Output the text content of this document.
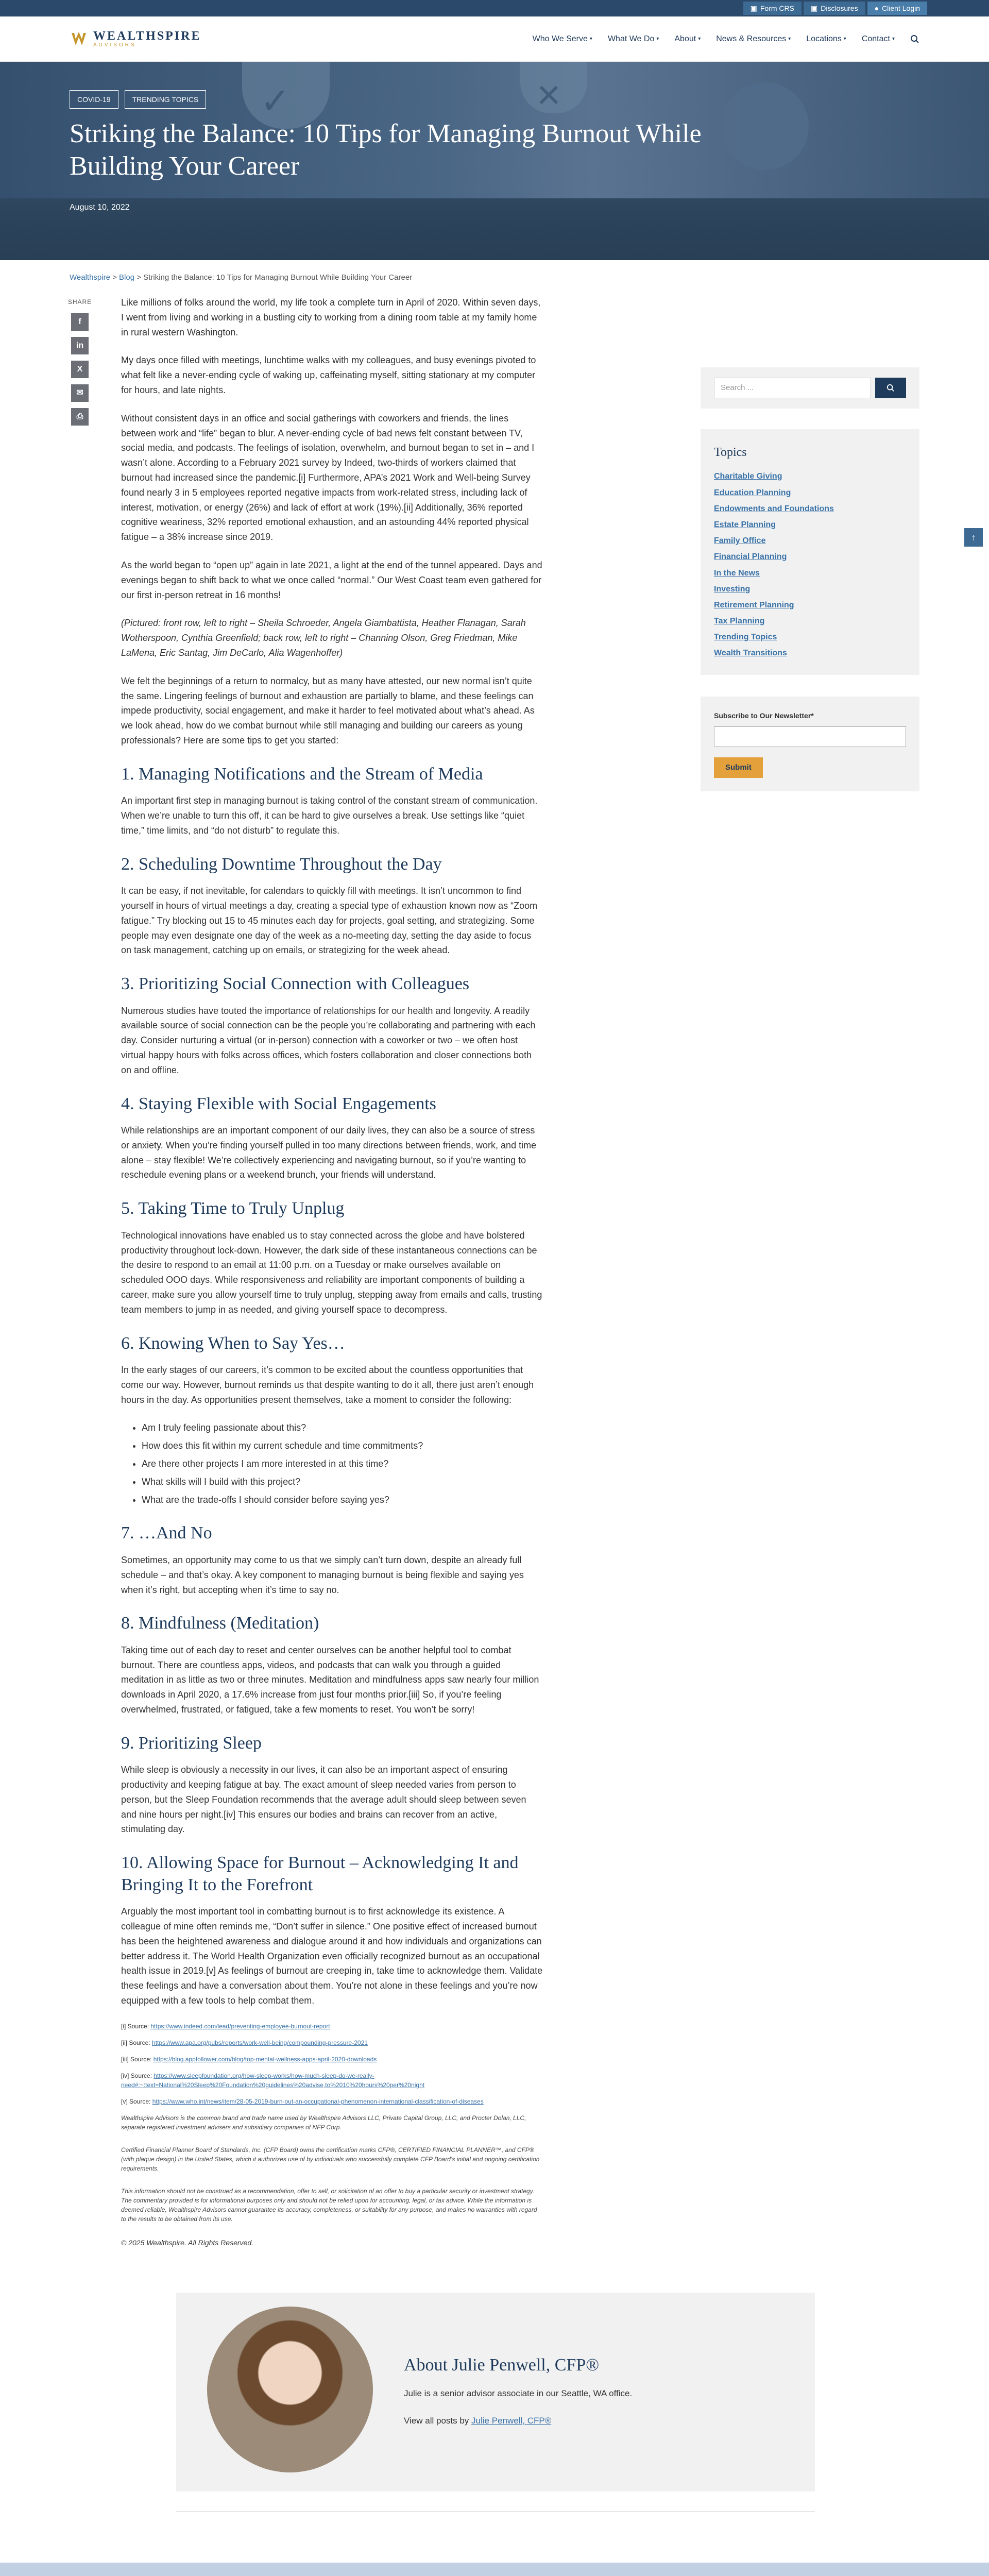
▣ Form CRS ▣ Disclosures ● Client Login
WEALTHSPIRE
ADVISORS
Who We Serve ▾ What We Do ▾ About ▾ News & Resources ▾ Locations ▾ Contact ▾
✓	×
COVID-19	TRENDING TOPICS
Striking the Balance: 10 Tips for Managing Burnout While Building Your Career
August 10, 2022
Wealthspire > Blog > Striking the Balance: 10 Tips for Managing Burnout While Building Your Career
SHARE
f
in
X
✉
⎙

Like millions of folks around the world, my life took a complete turn in April of 2020. Within seven days, I went from living and working in a bustling city to working from a dining room table at my family home in rural western Washington.

My days once filled with meetings, lunchtime walks with my colleagues, and busy evenings pivoted to what felt like a never-ending cycle of waking up, caffeinating myself, sitting stationary at my computer for hours, and late nights.

Without consistent days in an office and social gatherings with coworkers and friends, the lines between work and “life” began to blur. A never-ending cycle of bad news felt constant between TV, social media, and podcasts. The feelings of isolation, overwhelm, and burnout began to set in – and I wasn’t alone. According to a February 2021 survey by Indeed, two-thirds of workers claimed that burnout had increased since the pandemic.[i] Furthermore, APA’s 2021 Work and Well-being Survey found nearly 3 in 5 employees reported negative impacts from work-related stress, including lack of interest, motivation, or energy (26%) and lack of effort at work (19%).[ii] Additionally, 36% reported cognitive weariness, 32% reported emotional exhaustion, and an astounding 44% reported physical fatigue – a 38% increase since 2019.

As the world began to “open up” again in late 2021, a light at the end of the tunnel appeared. Days and evenings began to shift back to what we once called “normal.” Our West Coast team even gathered for our first in-person retreat in 16 months!

(Pictured: front row, left to right – Sheila Schroeder, Angela Giambattista, Heather Flanagan, Sarah Wotherspoon, Cynthia Greenfield; back row, left to right – Channing Olson, Greg Friedman, Mike LaMena, Eric Santag, Jim DeCarlo, Alia Wagenhoffer)

We felt the beginnings of a return to normalcy, but as many have attested, our new normal isn’t quite the same. Lingering feelings of burnout and exhaustion are partially to blame, and these feelings can impede productivity, social engagement, and make it harder to feel motivated about what’s ahead. As we look ahead, how do we combat burnout while still managing and building our careers as young professionals? Here are some tips to get you started:

1. Managing Notifications and the Stream of Media

An important first step in managing burnout is taking control of the constant stream of communication. When we’re unable to turn this off, it can be hard to give ourselves a break. Use settings like “quiet time,” time limits, and “do not disturb” to regulate this.

2. Scheduling Downtime Throughout the Day

It can be easy, if not inevitable, for calendars to quickly fill with meetings. It isn’t uncommon to find yourself in hours of virtual meetings a day, creating a special type of exhaustion known now as “Zoom fatigue.” Try blocking out 15 to 45 minutes each day for projects, goal setting, and strategizing. Some people may even designate one day of the week as a no-meeting day, setting the day aside to focus on task management, catching up on emails, or strategizing for the week ahead.

3. Prioritizing Social Connection with Colleagues

Numerous studies have touted the importance of relationships for our health and longevity. A readily available source of social connection can be the people you’re collaborating and partnering with each day. Consider nurturing a virtual (or in-person) connection with a coworker or two – we often host virtual happy hours with folks across offices, which fosters collaboration and closer connections both on and offline.

4. Staying Flexible with Social Engagements

While relationships are an important component of our daily lives, they can also be a source of stress or anxiety. When you’re finding yourself pulled in too many directions between friends, work, and time alone – stay flexible! We’re collectively experiencing and navigating burnout, so if you’re wanting to reschedule evening plans or a weekend brunch, your friends will understand.

5. Taking Time to Truly Unplug

Technological innovations have enabled us to stay connected across the globe and have bolstered productivity throughout lock-down. However, the dark side of these instantaneous connections can be the desire to respond to an email at 11:00 p.m. on a Tuesday or make ourselves available on scheduled OOO days. While responsiveness and reliability are important components of building a career, make sure you allow yourself time to truly unplug, stepping away from emails and calls, trusting team members to jump in as needed, and giving yourself space to decompress.

6. Knowing When to Say Yes…

In the early stages of our careers, it’s common to be excited about the countless opportunities that come our way. However, burnout reminds us that despite wanting to do it all, there just aren’t enough hours in the day. As opportunities present themselves, take a moment to consider the following:

• Am I truly feeling passionate about this?
• How does this fit within my current schedule and time commitments?
• Are there other projects I am more interested in at this time?
• What skills will I build with this project?
• What are the trade-offs I should consider before saying yes?
7. …And No

Sometimes, an opportunity may come to us that we simply can’t turn down, despite an already full schedule – and that’s okay. A key component to managing burnout is being flexible and saying yes when it’s right, but accepting when it’s time to say no.

8. Mindfulness (Meditation)

Taking time out of each day to reset and center ourselves can be another helpful tool to combat burnout. There are countless apps, videos, and podcasts that can walk you through a guided meditation in as little as two or three minutes. Meditation and mindfulness apps saw nearly four million downloads in April 2020, a 17.6% increase from just four months prior.[iii] So, if you’re feeling overwhelmed, frustrated, or fatigued, take a few moments to reset. You won’t be sorry!

9. Prioritizing Sleep

While sleep is obviously a necessity in our lives, it can also be an important aspect of ensuring productivity and keeping fatigue at bay. The exact amount of sleep needed varies from person to person, but the Sleep Foundation recommends that the average adult should sleep between seven and nine hours per night.[iv] This ensures our bodies and brains can recover from an active, stimulating day.

10. Allowing Space for Burnout – Acknowledging It and Bringing It to the Forefront

Arguably the most important tool in combatting burnout is to first acknowledge its existence. A colleague of mine often reminds me, “Don’t suffer in silence.” One positive effect of increased burnout has been the heightened awareness and dialogue around it and how individuals and organizations can better address it. The World Health Organization even officially recognized burnout as an occupational health issue in 2019.[v] As feelings of burnout are creeping in, take time to acknowledge them. Validate these feelings and have a conversation about them. You’re not alone in these feelings and you’re now equipped with a few tools to help combat them.

[i] Source: https://www.indeed.com/lead/preventing-employee-burnout-report
[ii] Source: https://www.apa.org/pubs/reports/work-well-being/compounding-pressure-2021
[iii] Source: https://blog.appfollower.com/blog/top-mental-wellness-apps-april-2020-downloads
[iv] Source: https://www.sleepfoundation.org/how-sleep-works/how-much-sleep-do-we-really-need#:~:text=National%20Sleep%20Foundation%20guidelines%20advise,to%2010%20hours%20per%20night
[v] Source: https://www.who.int/news/item/28-05-2019-burn-out-an-occupational-phenomenon-international-classification-of-diseases

Wealthspire Advisors is the common brand and trade name used by Wealthspire Advisors LLC, Private Capital Group, LLC, and Procter Dolan, LLC, separate registered investment advisers and subsidiary companies of NFP Corp.

Certified Financial Planner Board of Standards, Inc. (CFP Board) owns the certification marks CFP®, CERTIFIED FINANCIAL PLANNER™, and CFP® (with plaque design) in the United States, which it authorizes use of by individuals who successfully complete CFP Board’s initial and ongoing certification requirements.

This information should not be construed as a recommendation, offer to sell, or solicitation of an offer to buy a particular security or investment strategy. The commentary provided is for informational purposes only and should not be relied upon for accounting, legal, or tax advice. While the information is deemed reliable, Wealthspire Advisors cannot guarantee its accuracy, completeness, or suitability for any purpose, and makes no warranties with regard to the results to be obtained from its use.

© 2025 Wealthspire. All Rights Reserved.

Search ...
Topics
Charitable Giving
Education Planning
Endowments and Foundations
Estate Planning
Family Office
Financial Planning
In the News
Investing
Retirement Planning
Tax Planning
Trending Topics
Wealth Transitions
Subscribe to Our Newsletter*
Submit
About Julie Penwell, CFP®

Julie is a senior advisor associate in our Seattle, WA office.

View all posts by Julie Penwell, CFP®

↑
